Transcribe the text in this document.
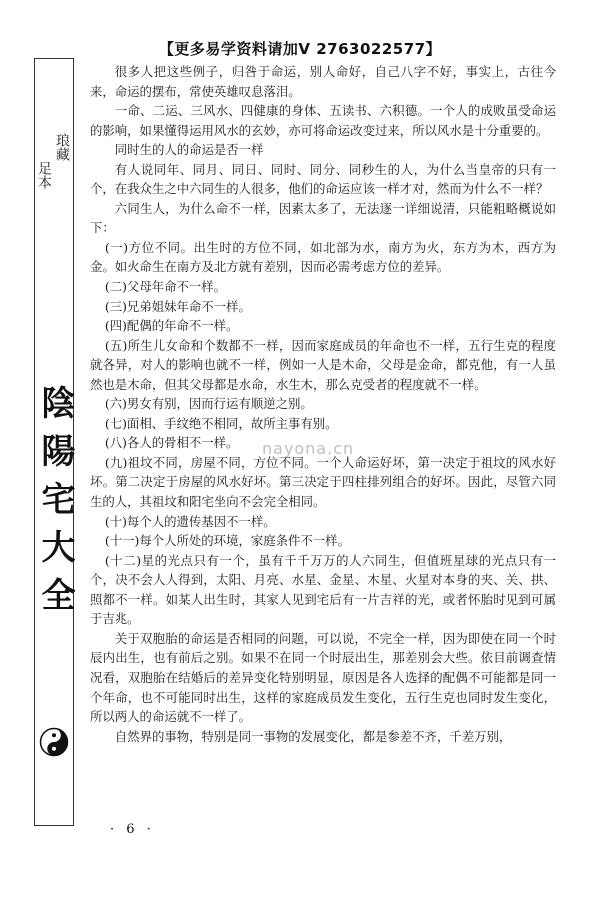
【更多易学资料请加V 2763022577】
琅藏
足本
陰陽宅大全

很多人把这些例子，归咎于命运，别人命好，自己八字不好，事实上，古往今来，命运的摆布，常使英雄叹息落泪。

一命、二运、三风水、四健康的身体、五读书、六积德。一个人的成败虽受命运的影响，如果懂得运用风水的玄妙，亦可将命运改变过来，所以风水是十分重要的。

同时生的人的命运是否一样

有人说同年、同月、同日、同时、同分、同秒生的人，为什么当皇帝的只有一个，在我众生之中六同生的人很多，他们的命运应该一样才对，然而为什么不一样？

六同生人，为什么命不一样，因素太多了，无法逐一详细说清，只能粗略概说如下：

(一)方位不同。出生时的方位不同，如北部为水，南方为火，东方为木，西方为金。如火命生在南方及北方就有差别，因而必需考虑方位的差异。

(二)父母年命不一样。

(三)兄弟姐妹年命不一样。

(四)配偶的年命不一样。

(五)所生儿女命和个数都不一样，因而家庭成员的年命也不一样，五行生克的程度就各异，对人的影响也就不一样，例如一人是木命，父母是金命，都克他，有一人虽然也是木命，但其父母都是水命，水生木，那么克受者的程度就不一样。

(六)男女有别，因而行运有顺逆之别。

(七)面相、手纹绝不相同，故所主事有别。

(八)各人的骨相不一样。

(九)祖坟不同，房屋不同，方位不同。一个人命运好坏，第一决定于祖坟的风水好坏。第二决定于房屋的风水好坏。第三决定于四柱排列组合的好坏。因此，尽管六同生的人，其祖坟和阳宅坐向不会完全相同。

(十)每个人的遗传基因不一样。

(十一)每个人所处的环境，家庭条件不一样。

(十二)星的光点只有一个，虽有千千万万的人六同生，但值班星球的光点只有一个，决不会人人得到，太阳、月亮、水星、金星、木星、火星对本身的夹、关、拱、照都不一样。如某人出生时，其家人见到宅后有一片吉祥的光，或者怀胎时见到可属于吉兆。

关于双胞胎的命运是否相同的问题，可以说，不完全一样，因为即使在同一个时辰内出生，也有前后之别。如果不在同一个时辰出生，那差别会大些。依目前调查情况看，双胞胎在结婚后的差异变化特别明显，原因是各人选择的配偶不可能都是同一个年命，也不可能同时出生，这样的家庭成员发生变化，五行生克也同时发生变化，所以两人的命运就不一样了。

自然界的事物，特别是同一事物的发展变化，都是参差不齐，千差万别，

nayona.cn
· 6 ·
